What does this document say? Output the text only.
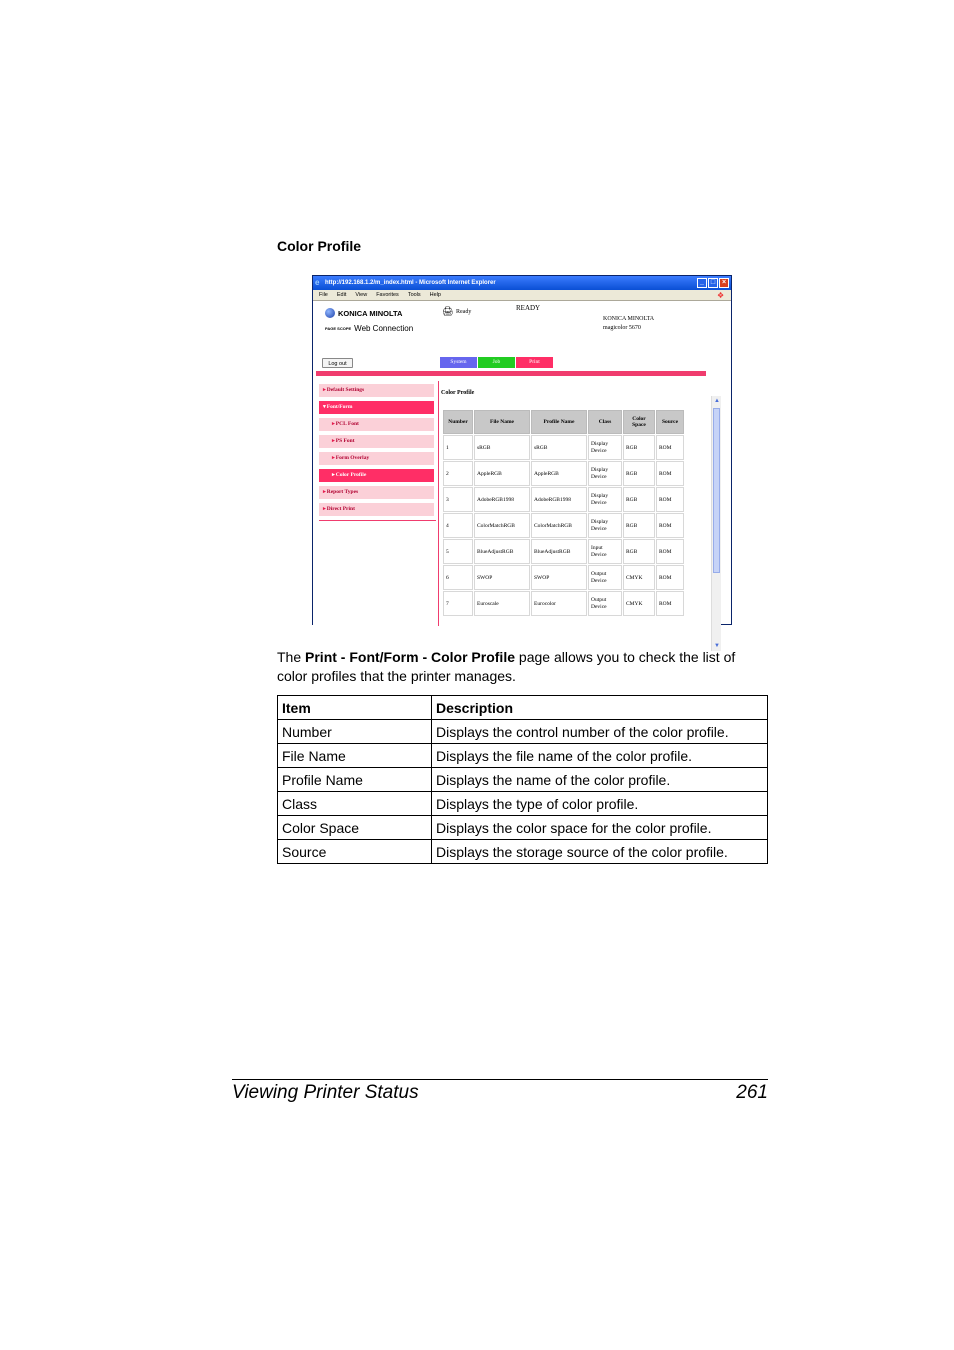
Color Profile
e http://192.168.1.2/m_index.html - Microsoft Internet Explorer	_ □ ×
File Edit View Favorites Tools Help	❖
KONICA MINOLTA
PAGE SCOPE Web Connection
🖨 Ready	READY
KONICA MINOLTA
magicolor 5670
Log out	System	Job	Print
▸Default Settings
▾Font/Form
▸PCL Font
▸PS Font
▸Form Overlay
▸Color Profile
▸Report Types
▸Direct Print
Color Profile
Number	File Name	Profile Name	Class	Color Space	Source
1	sRGB	sRGB	Display Device	RGB	ROM
2	AppleRGB	AppleRGB	Display Device	RGB	ROM
3	AdobeRGB1998	AdobeRGB1998	Display Device	RGB	ROM
4	ColorMatchRGB	ColorMatchRGB	Display Device	RGB	ROM
5	BlueAdjustRGB	BlueAdjustRGB	Input Device	RGB	ROM
6	SWOP	SWOP	Output Device	CMYK	ROM
7	Euroscale	Eurocolor	Output Device	CMYK	ROM
▲
▼
The Print - Font/Form - Color Profile page allows you to check the list of color profiles that the printer manages.
Item	Description
Number	Displays the control number of the color profile.
File Name	Displays the file name of the color profile.
Profile Name	Displays the name of the color profile.
Class	Displays the type of color profile.
Color Space	Displays the color space for the color profile.
Source	Displays the storage source of the color profile.
Viewing Printer Status	261
